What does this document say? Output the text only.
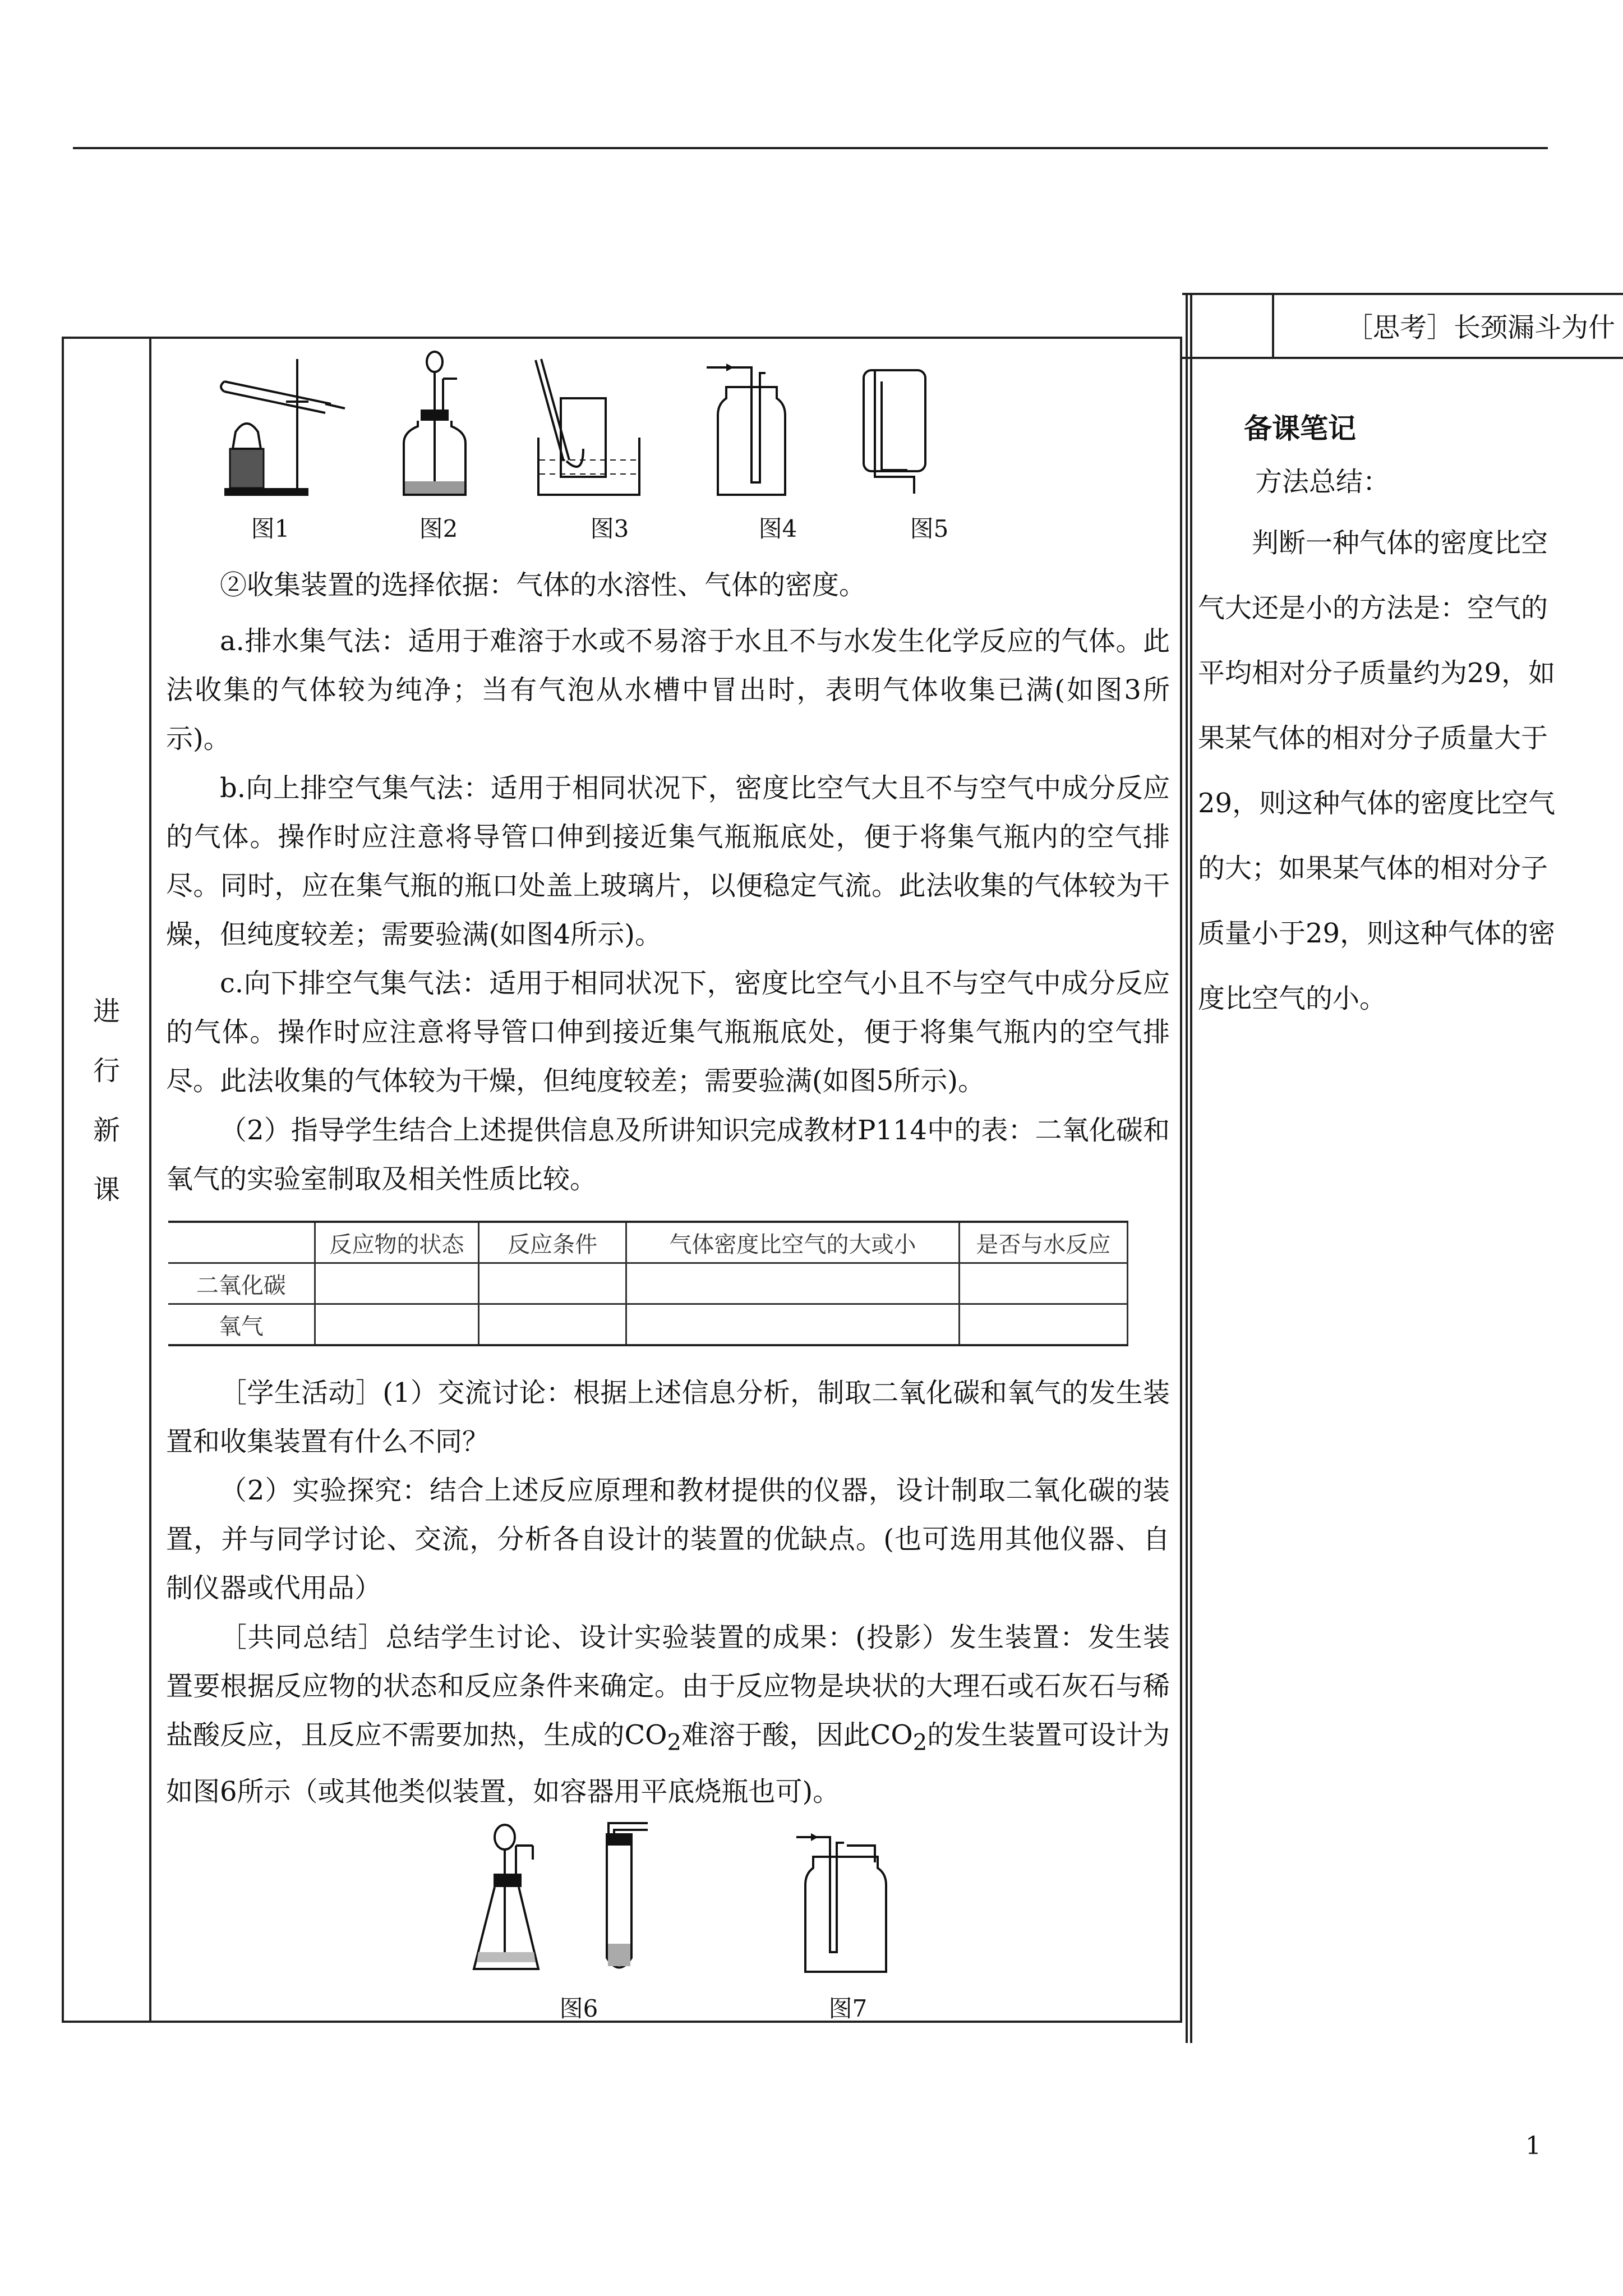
进
行
新
课
［思考］长颈漏斗为什
备课笔记
方法总结：

判断一种气体的密度比空气大还是小的方法是：空气的平均相对分子质量约为29，如果某气体的相对分子质量大于29，则这种气体的密度比空气的大；如果某气体的相对分子质量小于29，则这种气体的密度比空气的小。

图1	图2	图3	图4	图5

②收集装置的选择依据：气体的水溶性、气体的密度。

a.排水集气法：适用于难溶于水或不易溶于水且不与水发生化学反应的气体。此法收集的气体较为纯净；当有气泡从水槽中冒出时，表明气体收集已满(如图3所示)。

b.向上排空气集气法：适用于相同状况下，密度比空气大且不与空气中成分反应的气体。操作时应注意将导管口伸到接近集气瓶瓶底处，便于将集气瓶内的空气排尽。同时，应在集气瓶的瓶口处盖上玻璃片，以便稳定气流。此法收集的气体较为干燥，但纯度较差；需要验满(如图4所示)。

c.向下排空气集气法：适用于相同状况下，密度比空气小且不与空气中成分反应的气体。操作时应注意将导管口伸到接近集气瓶瓶底处，便于将集气瓶内的空气排尽。此法收集的气体较为干燥，但纯度较差；需要验满(如图5所示)。

（2）指导学生结合上述提供信息及所讲知识完成教材P114中的表：二氧化碳和氧气的实验室制取及相关性质比较。

	反应物的状态	反应条件	气体密度比空气的大或小	是否与水反应
二氧化碳				
氧气				

［学生活动］(1）交流讨论：根据上述信息分析，制取二氧化碳和氧气的发生装置和收集装置有什么不同？

（2）实验探究：结合上述反应原理和教材提供的仪器，设计制取二氧化碳的装置，并与同学讨论、交流，分析各自设计的装置的优缺点。(也可选用其他仪器、自制仪器或代用品）

［共同总结］总结学生讨论、设计实验装置的成果：(投影）发生装置：发生装置要根据反应物的状态和反应条件来确定。由于反应物是块状的大理石或石灰石与稀盐酸反应，且反应不需要加热，生成的$CO_2$难溶于酸，因此$CO_2$的发生装置可设计为如图6所示（或其他类似装置，如容器用平底烧瓶也可)。

图6	图7
1
